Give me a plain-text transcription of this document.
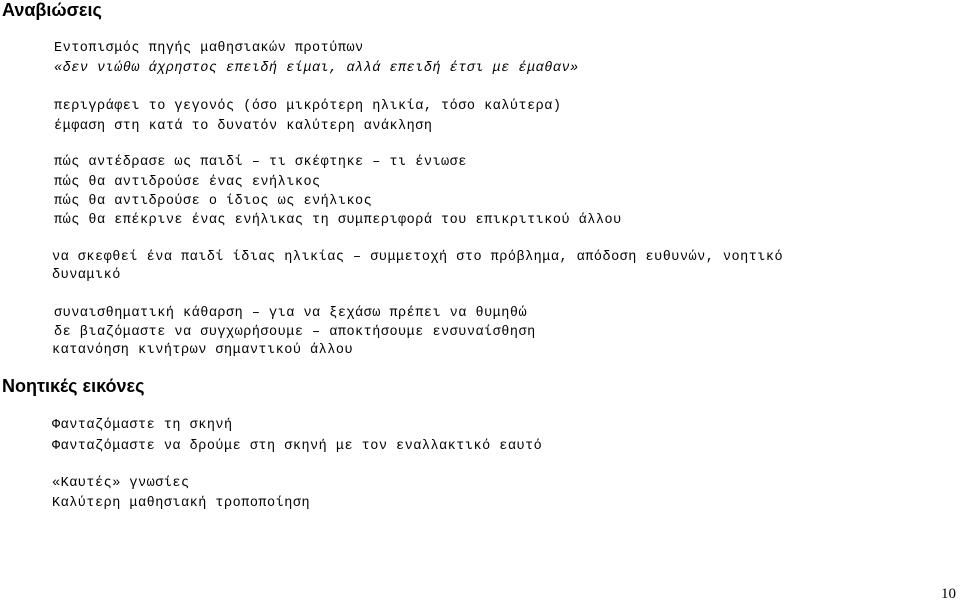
Αναβιώσεις
Εντοπισμός πηγής μαθησιακών προτύπων
«δεν νιώθω άχρηστος επειδή είμαι, αλλά επειδή έτσι με έμαθαν»
περιγράφει το γεγονός (όσο μικρότερη ηλικία, τόσο καλύτερα)
έμφαση στη κατά το δυνατόν καλύτερη ανάκληση
πώς αντέδρασε ως παιδί – τι σκέφτηκε – τι ένιωσε
πώς θα αντιδρούσε ένας ενήλικος
πώς θα αντιδρούσε ο ίδιος ως ενήλικος
πώς θα επέκρινε ένας ενήλικας τη συμπεριφορά του επικριτικού άλλου
να σκεφθεί ένα παιδί ίδιας ηλικίας – συμμετοχή στο πρόβλημα, απόδοση ευθυνών, νοητικό
δυναμικό
συναισθηματική κάθαρση – για να ξεχάσω πρέπει να θυμηθώ
δε βιαζόμαστε να συγχωρήσουμε – αποκτήσουμε ενσυναίσθηση
κατανόηση κινήτρων σημαντικού άλλου
Νοητικές εικόνες
Φανταζόμαστε τη σκηνή
Φανταζόμαστε να δρούμε στη σκηνή με τον εναλλακτικό εαυτό
«Καυτές» γνωσίες
Καλύτερη μαθησιακή τροποποίηση
10
